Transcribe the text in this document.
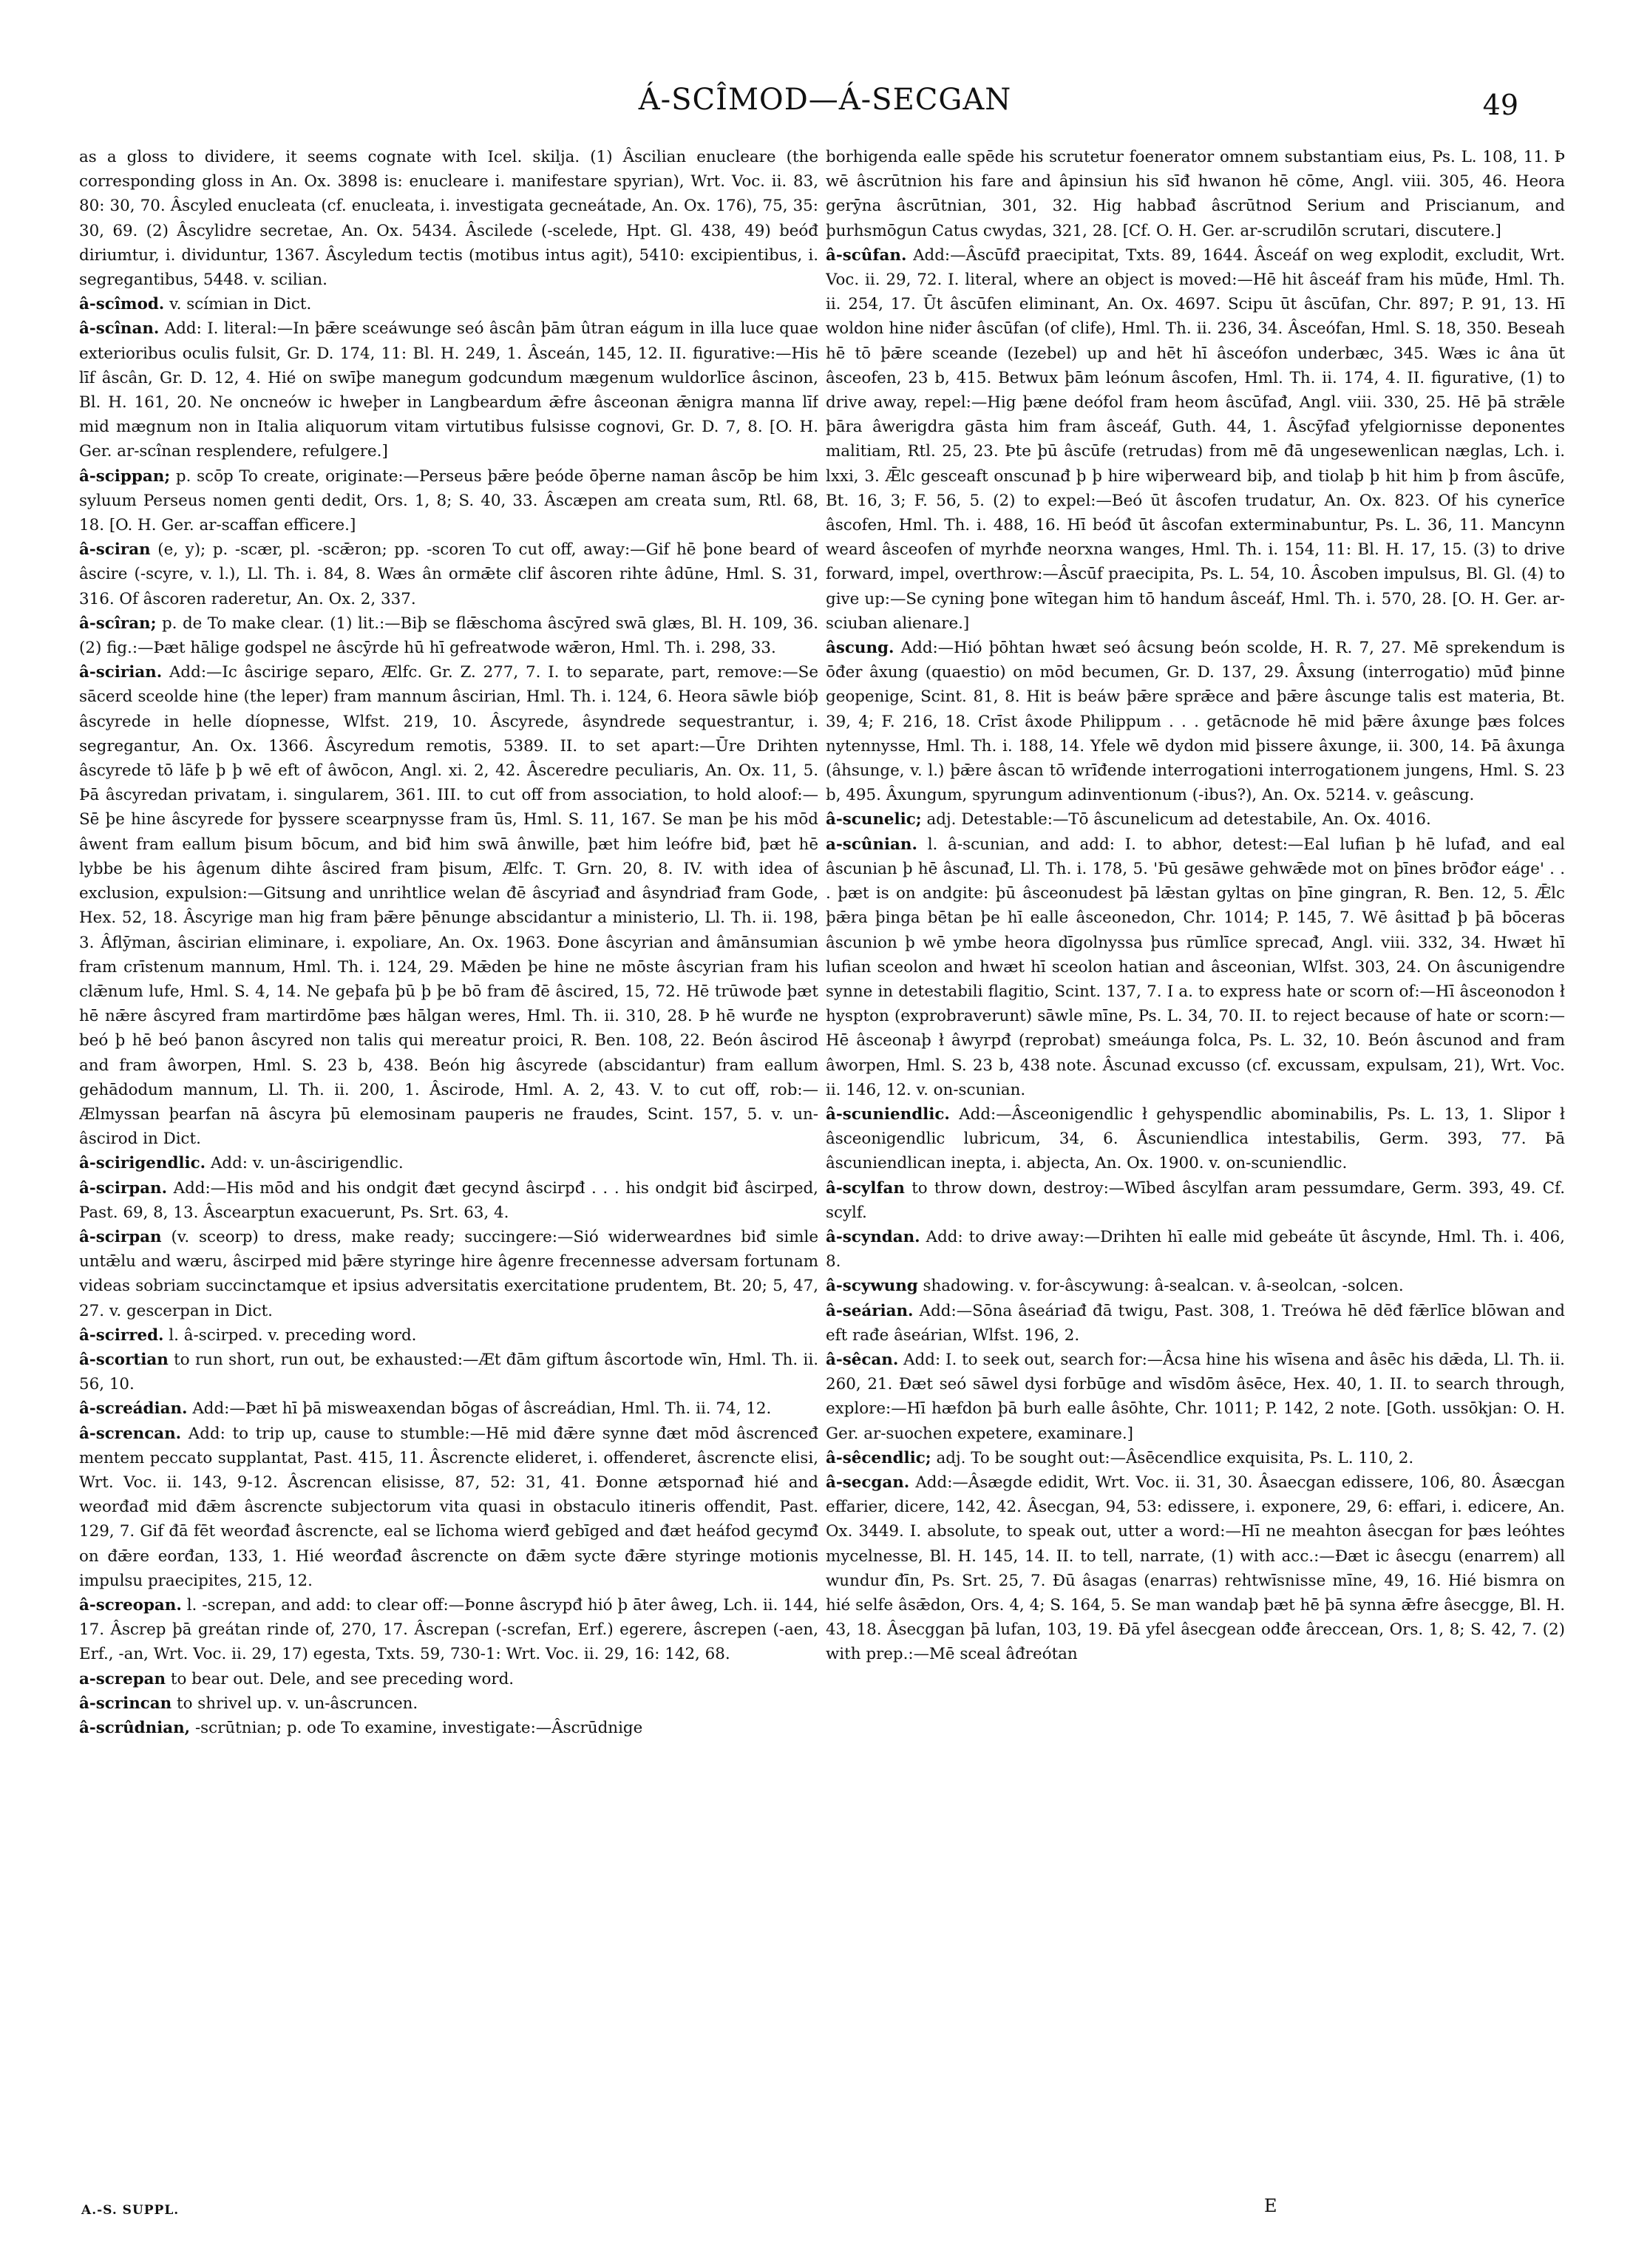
Á-SCÎMOD—Á-SECGAN	49

as a gloss to dividere, it seems cognate with Icel. skilja. (1) Âscilian enucleare (the corresponding gloss in An. Ox. 3898 is: enucleare i. manifestare spyrian), Wrt. Voc. ii. 83, 80: 30, 70. Âscyled enucleata (cf. enucleata, i. investigata gecneátade, An. Ox. 176), 75, 35: 30, 69. (2) Âscylidre secretae, An. Ox. 5434. Âscilede (-scelede, Hpt. Gl. 438, 49) beóđ diriumtur, i. dividuntur, 1367. Âscyledum tectis (motibus intus agit), 5410: excipientibus, i. segregantibus, 5448. v. scilian.

â-scîmod. v. scímian in Dict.

â-scînan. Add: I. literal:—In þǣre sceáwunge seó âscân þām ûtran eágum in illa luce quae exterioribus oculis fulsit, Gr. D. 174, 11: Bl. H. 249, 1. Âsceán, 145, 12. II. figurative:—His līf âscân, Gr. D. 12, 4. Hié on swīþe manegum godcundum mægenum wuldorlīce âscinon, Bl. H. 161, 20. Ne oncneów ic hweþer in Langbeardum ǣfre âsceonan ǣnigra manna līf mid mægnum non in Italia aliquorum vitam virtutibus fulsisse cognovi, Gr. D. 7, 8. [O. H. Ger. ar-scînan resplendere, refulgere.]

â-scippan; p. scōp To create, originate:—Perseus þǣre þeóde ōþerne naman âscōp be him syluum Perseus nomen genti dedit, Ors. 1, 8; S. 40, 33. Âscæpen am creata sum, Rtl. 68, 18. [O. H. Ger. ar-scaffan efficere.]

â-sciran (e, y); p. -scær, pl. -scǣron; pp. -scoren To cut off, away:—Gif hē þone beard of âscire (-scyre, v. l.), Ll. Th. i. 84, 8. Wæs ân ormǣte clif âscoren rihte âdūne, Hml. S. 31, 316. Of âscoren raderetur, An. Ox. 2, 337.

â-scîran; p. de To make clear. (1) lit.:—Biþ se flǣschoma âscȳred swā glæs, Bl. H. 109, 36. (2) fig.:—Þæt hālige godspel ne âscȳrde hū hī gefreatwode wǣron, Hml. Th. i. 298, 33.

â-scirian. Add:—Ic âscirige separo, Ælfc. Gr. Z. 277, 7. I. to separate, part, remove:—Se sācerd sceolde hine (the leper) fram mannum âscirian, Hml. Th. i. 124, 6. Heora sāwle bióþ âscyrede in helle díopnesse, Wlfst. 219, 10. Âscyrede, âsyndrede sequestrantur, i. segregantur, An. Ox. 1366. Âscyredum remotis, 5389. II. to set apart:—Ūre Drihten âscyrede tō lāfe þ þ wē eft of âwōcon, Angl. xi. 2, 42. Âsceredre peculiaris, An. Ox. 11, 5. Þā âscyredan privatam, i. singularem, 361. III. to cut off from association, to hold aloof:—Sē þe hine âscyrede for þyssere scearpnysse fram ūs, Hml. S. 11, 167. Se man þe his mōd âwent fram eallum þisum bōcum, and biđ him swā ânwille, þæt him leófre biđ, þæt hē lybbe be his âgenum dihte âscired fram þisum, Ælfc. T. Grn. 20, 8. IV. with idea of exclusion, expulsion:—Gitsung and unrihtlice welan đē âscyriađ and âsyndriađ fram Gode, Hex. 52, 18. Âscyrige man hig fram þǣre þēnunge abscidantur a ministerio, Ll. Th. ii. 198, 3. Âflȳman, âscirian eliminare, i. expoliare, An. Ox. 1963. Đone âscyrian and âmānsumian fram crīstenum mannum, Hml. Th. i. 124, 29. Mǣden þe hine ne mōste âscyrian fram his clǣnum lufe, Hml. S. 4, 14. Ne geþafa þū þ þe bō fram đē âscired, 15, 72. Hē trūwode þæt hē nǣre âscyred fram martirdōme þæs hālgan weres, Hml. Th. ii. 310, 28. Þ hē wurđe ne beó þ hē beó þanon âscyred non talis qui mereatur proici, R. Ben. 108, 22. Beón âscirod and fram âworpen, Hml. S. 23 b, 438. Beón hig âscyrede (abscidantur) fram eallum gehādodum mannum, Ll. Th. ii. 200, 1. Âscirode, Hml. A. 2, 43. V. to cut off, rob:—Ælmyssan þearfan nā âscyra þū elemosinam pauperis ne fraudes, Scint. 157, 5. v. un-âscirod in Dict.

â-scirigendlic. Add: v. un-âscirigendlic.

â-scirpan. Add:—His mōd and his ondgit đæt gecynd âscirpđ . . . his ondgit biđ âscirped, Past. 69, 8, 13. Âscearptun exacuerunt, Ps. Srt. 63, 4.

â-scirpan (v. sceorp) to dress, make ready; succingere:—Sió widerweardnes biđ simle untǣlu and wæru, âscirped mid þǣre styringe hire âgenre frecennesse adversam fortunam videas sobriam succinctamque et ipsius adversitatis exercitatione prudentem, Bt. 20; 5, 47, 27. v. gescerpan in Dict.

â-scirred. l. â-scirped. v. preceding word.

â-scortian to run short, run out, be exhausted:—Æt đām giftum âscortode wīn, Hml. Th. ii. 56, 10.

â-screádian. Add:—Þæt hī þā misweaxendan bōgas of âscreádian, Hml. Th. ii. 74, 12.

â-screncan. Add: to trip up, cause to stumble:—Hē mid đǣre synne đæt mōd âscrenceđ mentem peccato supplantat, Past. 415, 11. Âscrencte elideret, i. offenderet, âscrencte elisi, Wrt. Voc. ii. 143, 9-12. Âscrencan elisisse, 87, 52: 31, 41. Đonne ætspornađ hié and weorđađ mid đǣm âscrencte subjectorum vita quasi in obstaculo itineris offendit, Past. 129, 7. Gif đā fēt weorđađ âscrencte, eal se līchoma wierđ gebīged and đæt heáfod gecymđ on đǣre eorđan, 133, 1. Hié weorđađ âscrencte on đǣm sycte đǣre styringe motionis impulsu praecipites, 215, 12.

â-screopan. l. -screpan, and add: to clear off:—Þonne âscrypđ hió þ āter âweg, Lch. ii. 144, 17. Âscrep þā greátan rinde of, 270, 17. Âscrepan (-screfan, Erf.) egerere, âscrepen (-aen, Erf., -an, Wrt. Voc. ii. 29, 17) egesta, Txts. 59, 730-1: Wrt. Voc. ii. 29, 16: 142, 68.

a-screpan to bear out. Dele, and see preceding word.

â-scrincan to shrivel up. v. un-âscruncen.

â-scrûdnian, -scrūtnian; p. ode To examine, investigate:—Âscrūdnige

borhigenda ealle spēde his scrutetur foenerator omnem substantiam eius, Ps. L. 108, 11. Þ wē âscrūtnion his fare and âpinsiun his sīđ hwanon hē cōme, Angl. viii. 305, 46. Heora gerȳna âscrūtnian, 301, 32. Hig habbađ âscrūtnod Serium and Priscianum, and þurhsmōgun Catus cwydas, 321, 28. [Cf. O. H. Ger. ar-scrudilōn scrutari, discutere.]

â-scûfan. Add:—Âscūfđ praecipitat, Txts. 89, 1644. Âsceáf on weg explodit, excludit, Wrt. Voc. ii. 29, 72. I. literal, where an object is moved:—Hē hit âsceáf fram his mūđe, Hml. Th. ii. 254, 17. Ūt âscūfen eliminant, An. Ox. 4697. Scipu ūt âscūfan, Chr. 897; P. 91, 13. Hī woldon hine niđer âscūfan (of clife), Hml. Th. ii. 236, 34. Âsceófan, Hml. S. 18, 350. Beseah hē tō þǣre sceande (Iezebel) up and hēt hī âsceófon underbæc, 345. Wæs ic âna ūt âsceofen, 23 b, 415. Betwux þām leónum âscofen, Hml. Th. ii. 174, 4. II. figurative, (1) to drive away, repel:—Hig þæne deófol fram heom âscūfađ, Angl. viii. 330, 25. Hē þā strǣle þāra âwerigdra gāsta him fram âsceáf, Guth. 44, 1. Âscȳfađ yfelgiornisse deponentes malitiam, Rtl. 25, 23. Þte þū âscūfe (retrudas) from mē đā ungesewenlican næglas, Lch. i. lxxi, 3. Ǣlc gesceaft onscunađ þ þ hire wiþerweard biþ, and tiolaþ þ hit him þ from âscūfe, Bt. 16, 3; F. 56, 5. (2) to expel:—Beó ūt âscofen trudatur, An. Ox. 823. Of his cynerīce âscofen, Hml. Th. i. 488, 16. Hī beóđ ūt âscofan exterminabuntur, Ps. L. 36, 11. Mancynn weard âsceofen of myrhđe neorxna wanges, Hml. Th. i. 154, 11: Bl. H. 17, 15. (3) to drive forward, impel, overthrow:—Âscūf praecipita, Ps. L. 54, 10. Âscoben impulsus, Bl. Gl. (4) to give up:—Se cyning þone wītegan him tō handum âsceáf, Hml. Th. i. 570, 28. [O. H. Ger. ar-sciuban alienare.]

âscung. Add:—Hió þōhtan hwæt seó âcsung beón scolde, H. R. 7, 27. Mē sprekendum is ōđer âxung (quaestio) on mōd becumen, Gr. D. 137, 29. Âxsung (interrogatio) mūđ þinne geopenige, Scint. 81, 8. Hit is beáw þǣre sprǣce and þǣre âscunge talis est materia, Bt. 39, 4; F. 216, 18. Crīst âxode Philippum . . . getācnode hē mid þǣre âxunge þæs folces nytennysse, Hml. Th. i. 188, 14. Yfele wē dydon mid þissere âxunge, ii. 300, 14. Þā âxunga (âhsunge, v. l.) þǣre âscan tō wrīđende interrogationi interrogationem jungens, Hml. S. 23 b, 495. Âxungum, spyrungum adinventionum (-ibus?), An. Ox. 5214. v. geâscung.

â-scunelic; adj. Detestable:—Tō âscunelicum ad detestabile, An. Ox. 4016.

a-scûnian. l. â-scunian, and add: I. to abhor, detest:—Eal lufian þ hē lufađ, and eal âscunian þ hē âscunađ, Ll. Th. i. 178, 5. 'Þū gesāwe gehwǣde mot on þīnes brōđor eáge' . . . þæt is on andgite: þū âsceonudest þā lǣstan gyltas on þīne gingran, R. Ben. 12, 5. Ǣlc þǣra þinga bētan þe hī ealle âsceonedon, Chr. 1014; P. 145, 7. Wē âsittađ þ þā bōceras âscunion þ wē ymbe heora dīgolnyssa þus rūmlīce sprecađ, Angl. viii. 332, 34. Hwæt hī lufian sceolon and hwæt hī sceolon hatian and âsceonian, Wlfst. 303, 24. On âscunigendre synne in detestabili flagitio, Scint. 137, 7. I a. to express hate or scorn of:—Hī âsceonodon ł hyspton (exprobraverunt) sāwle mīne, Ps. L. 34, 70. II. to reject because of hate or scorn:—Hē âsceonaþ ł âwyrpđ (reprobat) smeáunga folca, Ps. L. 32, 10. Beón âscunod and fram âworpen, Hml. S. 23 b, 438 note. Âscunad excusso (cf. excussam, expulsam, 21), Wrt. Voc. ii. 146, 12. v. on-scunian.

â-scuniendlic. Add:—Âsceonigendlic ł gehyspendlic abominabilis, Ps. L. 13, 1. Slipor ł âsceonigendlic lubricum, 34, 6. Âscuniendlica intestabilis, Germ. 393, 77. Þā âscuniendlican inepta, i. abjecta, An. Ox. 1900. v. on-scuniendlic.

â-scylfan to throw down, destroy:—Wībed âscylfan aram pessumdare, Germ. 393, 49. Cf. scylf.

â-scyndan. Add: to drive away:—Drihten hī ealle mid gebeáte ūt âscynde, Hml. Th. i. 406, 8.

â-scywung shadowing. v. for-âscywung: â-sealcan. v. â-seolcan, -solcen.

â-seárian. Add:—Sōna âseáriađ đā twigu, Past. 308, 1. Treówa hē dēđ fǣrlīce blōwan and eft rađe âseárian, Wlfst. 196, 2.

â-sêcan. Add: I. to seek out, search for:—Âcsa hine his wīsena and âsēc his dǣda, Ll. Th. ii. 260, 21. Đæt seó sāwel dysi forbūge and wīsdōm âsēce, Hex. 40, 1. II. to search through, explore:—Hī hæfdon þā burh ealle âsōhte, Chr. 1011; P. 142, 2 note. [Goth. ussōkjan: O. H. Ger. ar-suochen expetere, examinare.]

â-sêcendlic; adj. To be sought out:—Âsēcendlice exquisita, Ps. L. 110, 2.

â-secgan. Add:—Âsægde edidit, Wrt. Voc. ii. 31, 30. Âsaecgan edissere, 106, 80. Âsæcgan effarier, dicere, 142, 42. Âsecgan, 94, 53: edissere, i. exponere, 29, 6: effari, i. edicere, An. Ox. 3449. I. absolute, to speak out, utter a word:—Hī ne meahton âsecgan for þæs leóhtes mycelnesse, Bl. H. 145, 14. II. to tell, narrate, (1) with acc.:—Đæt ic âsecgu (enarrem) all wundur đīn, Ps. Srt. 25, 7. Đū âsagas (enarras) rehtwīsnisse mīne, 49, 16. Hié bismra on hié selfe âsǣdon, Ors. 4, 4; S. 164, 5. Se man wandaþ þæt hē þā synna ǣfre âsecgge, Bl. H. 43, 18. Âsecggan þā lufan, 103, 19. Đā yfel âsecgean odđe âreccean, Ors. 1, 8; S. 42, 7. (2) with prep.:—Mē sceal âđreótan

A.-S. SUPPL.	E
